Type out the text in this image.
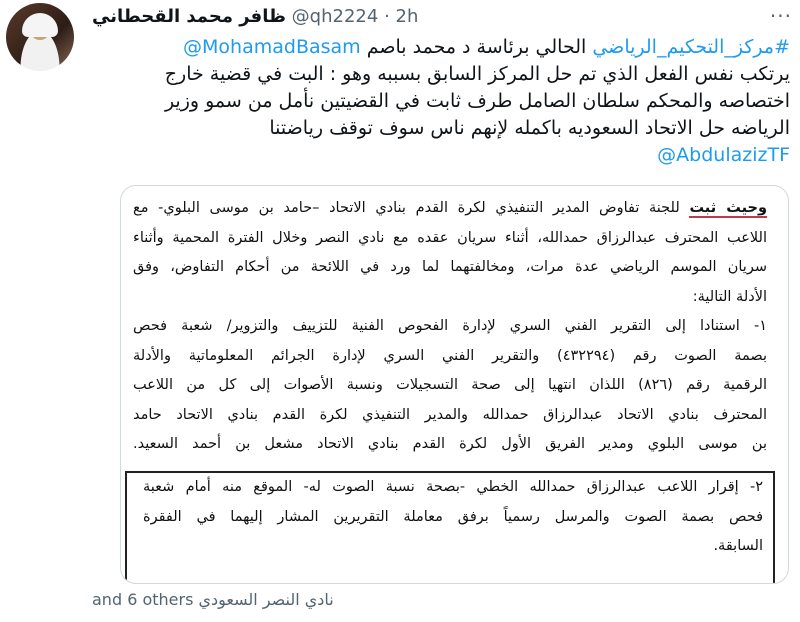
ظافر محمد القحطاني @qh2224 · 2h	···
#مركز_التحكيم_الرياضي الحالي برئاسة د محمد باصم @MohamadBasam
يرتكب نفس الفعل الذي تم حل المركز السابق بسببه وهو : البت في قضية خارج
اختصاصه والمحكم سلطان الصامل طرف ثابت في القضيتين نأمل من سمو وزير
الرياضه حل الاتحاد السعوديه باكمله لإنهم ناس سوف توقف رياضتنا
@AbdulazizTF

وحيث ثبت للجنة تفاوض المدير التنفيذي لكرة القدم بنادي الاتحاد –حامد بن موسى البلوي- مع

اللاعب المحترف عبدالرزاق حمدالله، أثناء سريان عقده مع نادي النصر وخلال الفترة المحمية وأثناء

سريان الموسم الرياضي عدة مرات، ومخالفتهما لما ورد في اللائحة من أحكام التفاوض، وفق

الأدلة التالية:

١- استنادا إلى التقرير الفني السري لإدارة الفحوص الفنية للتزييف والتزوير/ شعبة فحص

بصمة الصوت رقم (٤٣٢٢٩٤) والتقرير الفني السري لإدارة الجرائم المعلوماتية والأدلة

الرقمية رقم (٨٢٦) اللذان انتهيا إلى صحة التسجيلات ونسبة الأصوات إلى كل من اللاعب

المحترف بنادي الاتحاد عبدالرزاق حمدالله والمدير التنفيذي لكرة القدم بنادي الاتحاد حامد

بن موسى البلوي ومدير الفريق الأول لكرة القدم بنادي الاتحاد مشعل بن أحمد السعيد.

٢- إقرار اللاعب عبدالرزاق حمدالله الخطي -بصحة نسبة الصوت له- الموقع منه أمام شعبة

فحص بصمة الصوت والمرسل رسمياً برفق معاملة التقريرين المشار إليهما في الفقرة

السابقة.

and 6 others نادي النصر السعودي
